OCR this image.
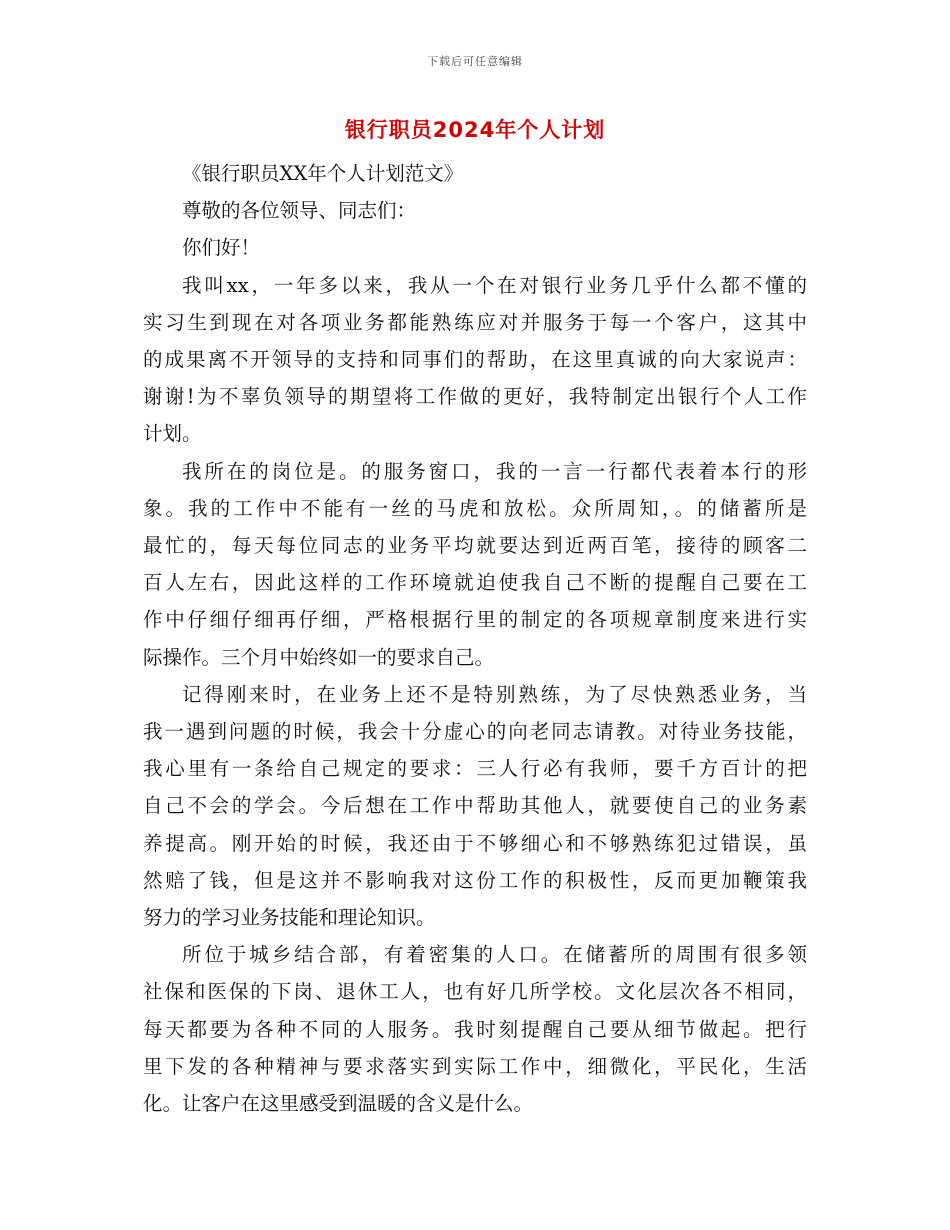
下载后可任意编辑
银行职员2024年个人计划

《银行职员XX年个人计划范文》

尊敬的各位领导、同志们：

你们好！

我叫xx，一年多以来，我从一个在对银行业务几乎什么都不懂的
实习生到现在对各项业务都能熟练应对并服务于每一个客户，这其中
的成果离不开领导的支持和同事们的帮助，在这里真诚的向大家说声：
谢谢!为不辜负领导的期望将工作做的更好，我特制定出银行个人工作
计划。

我所在的岗位是。的服务窗口，我的一言一行都代表着本行的形
象。我的工作中不能有一丝的马虎和放松。众所周知，。的储蓄所是
最忙的，每天每位同志的业务平均就要达到近两百笔，接待的顾客二
百人左右，因此这样的工作环境就迫使我自己不断的提醒自己要在工
作中仔细仔细再仔细，严格根据行里的制定的各项规章制度来进行实
际操作。三个月中始终如一的要求自己。

记得刚来时，在业务上还不是特别熟练，为了尽快熟悉业务，当
我一遇到问题的时候，我会十分虚心的向老同志请教。对待业务技能，
我心里有一条给自己规定的要求：三人行必有我师，要千方百计的把
自己不会的学会。今后想在工作中帮助其他人，就要使自己的业务素
养提高。刚开始的时候，我还由于不够细心和不够熟练犯过错误，虽
然赔了钱，但是这并不影响我对这份工作的积极性，反而更加鞭策我
努力的学习业务技能和理论知识。

所位于城乡结合部，有着密集的人口。在储蓄所的周围有很多领
社保和医保的下岗、退休工人，也有好几所学校。文化层次各不相同，
每天都要为各种不同的人服务。我时刻提醒自己要从细节做起。把行
里下发的各种精神与要求落实到实际工作中，细微化，平民化，生活
化。让客户在这里感受到温暖的含义是什么。
